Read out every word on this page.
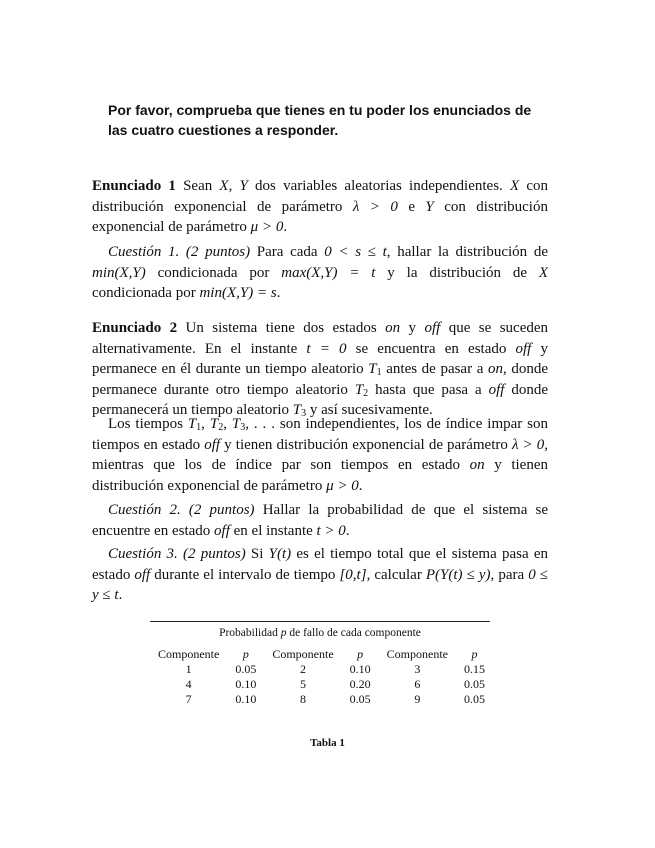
Por favor, comprueba que tienes en tu poder los enunciados de las cuatro cuestiones a responder.
Enunciado 1 Sean X, Y dos variables aleatorias independientes. X con distribución exponencial de parámetro λ > 0 e Y con distribución exponencial de parámetro μ > 0.
Cuestión 1. (2 puntos) Para cada 0 < s ≤ t, hallar la distribución de min(X,Y) condicionada por max(X,Y) = t y la distribución de X condicionada por min(X,Y) = s.
Enunciado 2 Un sistema tiene dos estados on y off que se suceden alternativamente. En el instante t = 0 se encuentra en estado off y permanece en él durante un tiempo aleatorio $T_1$ antes de pasar a on, donde permanece durante otro tiempo aleatorio $T_2$ hasta que pasa a off donde permanecerá un tiempo aleatorio $T_3$ y así sucesivamente.
Los tiempos $T_1$, $T_2$, $T_3$, . . . son independientes, los de índice impar son tiempos en estado off y tienen distribución exponencial de parámetro λ > 0, mientras que los de índice par son tiempos en estado on y tienen distribución exponencial de parámetro μ > 0.
Cuestión 2. (2 puntos) Hallar la probabilidad de que el sistema se encuentre en estado off en el instante t > 0.
Cuestión 3. (2 puntos) Si Y(t) es el tiempo total que el sistema pasa en estado off durante el intervalo de tiempo [0,t], calcular P(Y(t) ≤ y), para 0 ≤ y ≤ t.
Probabilidad p de fallo de cada componente
Componente	p	Componente	p	Componente	p
1	0.05	2	0.10	3	0.15
4	0.10	5	0.20	6	0.05
7	0.10	8	0.05	9	0.05
Tabla 1
